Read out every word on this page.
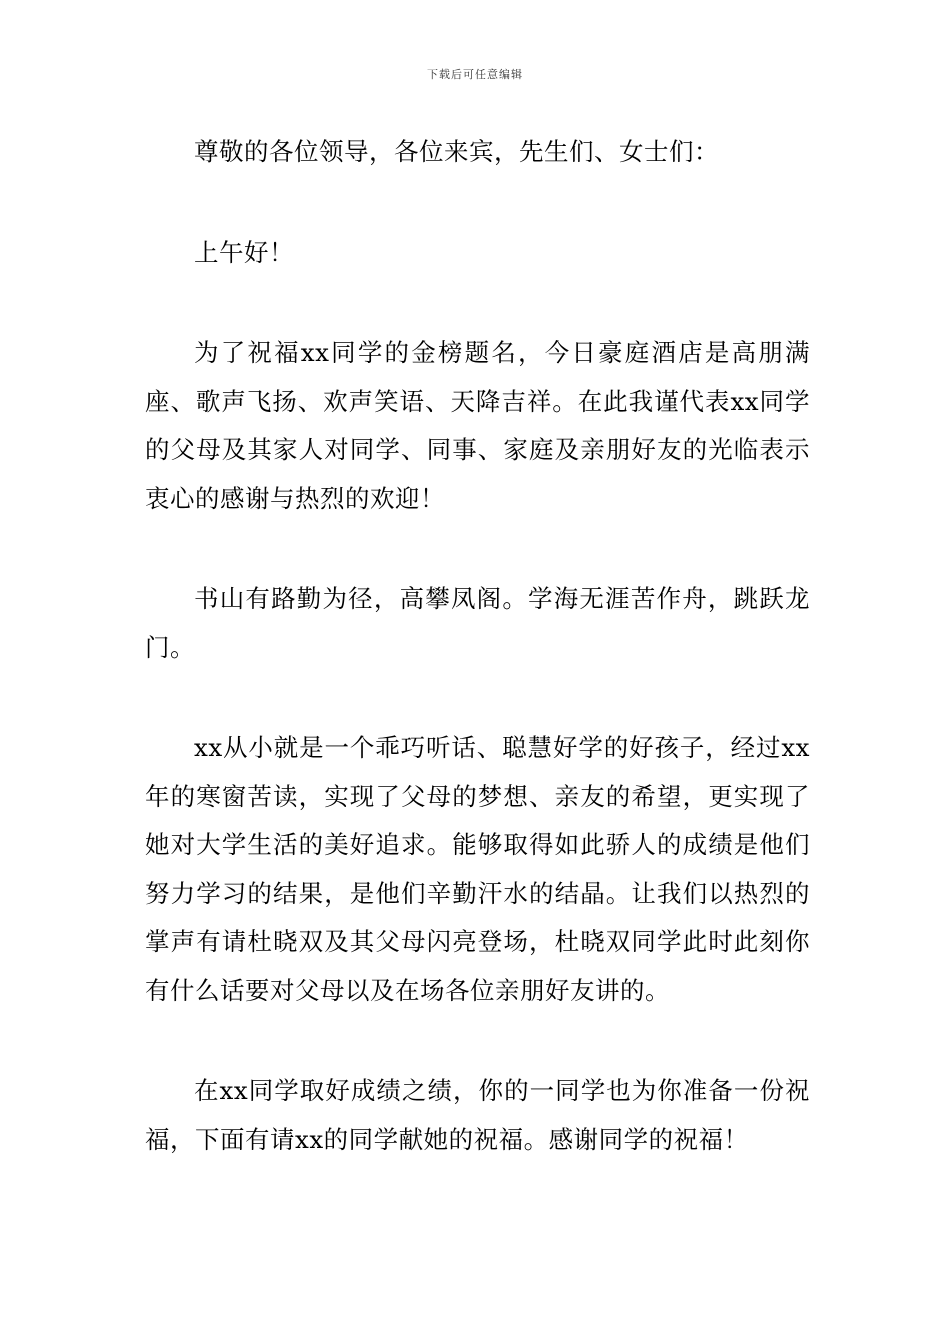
下载后可任意编辑

尊敬的各位领导，各位来宾，先生们、女士们：

上午好！

为了祝福xx同学的金榜题名，今日豪庭酒店是高朋满座、歌声飞扬、欢声笑语、天降吉祥。在此我谨代表xx同学的父母及其家人对同学、同事、家庭及亲朋好友的光临表示衷心的感谢与热烈的欢迎！

书山有路勤为径，高攀凤阁。学海无涯苦作舟，跳跃龙门。

xx从小就是一个乖巧听话、聪慧好学的好孩子，经过xx年的寒窗苦读，实现了父母的梦想、亲友的希望，更实现了她对大学生活的美好追求。能够取得如此骄人的成绩是他们努力学习的结果，是他们辛勤汗水的结晶。让我们以热烈的掌声有请杜晓双及其父母闪亮登场，杜晓双同学此时此刻你有什么话要对父母以及在场各位亲朋好友讲的。

在xx同学取好成绩之绩，你的一同学也为你准备一份祝福，下面有请xx的同学献她的祝福。感谢同学的祝福！
